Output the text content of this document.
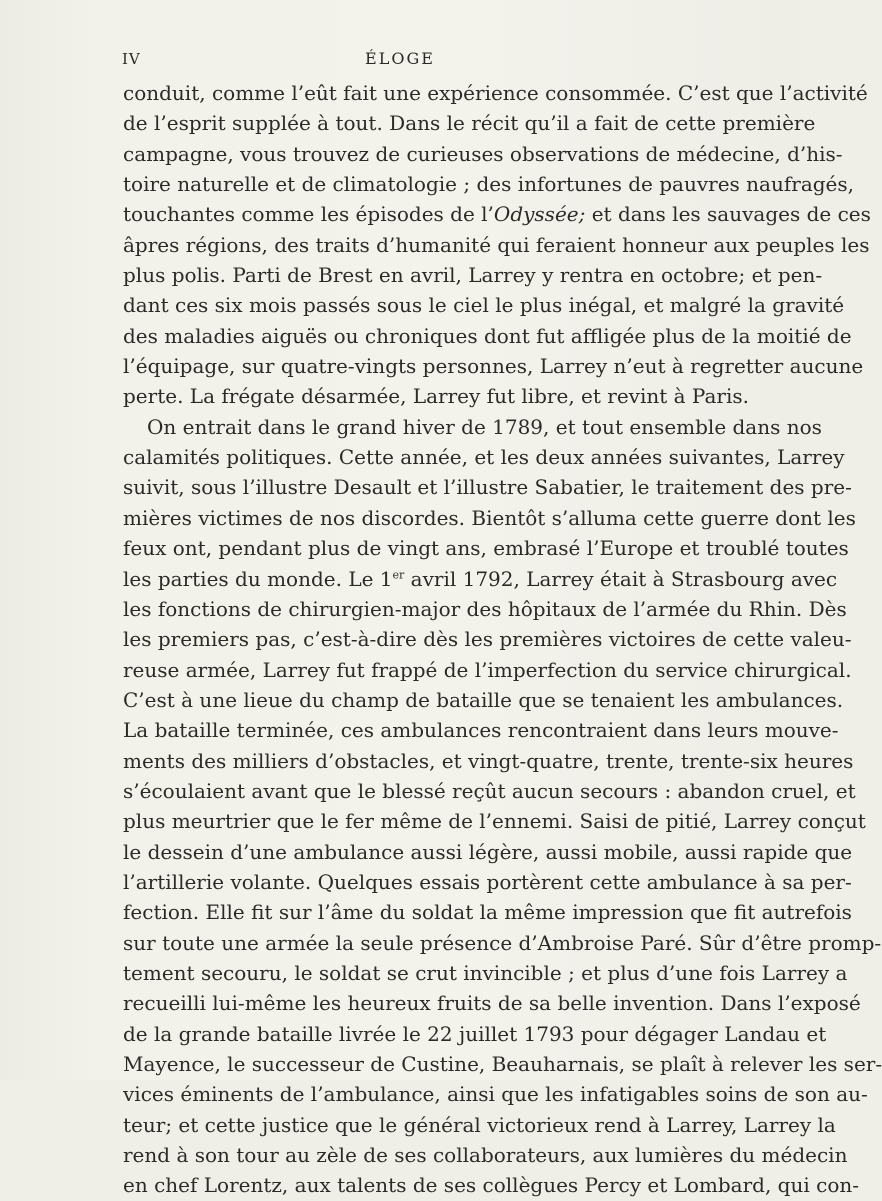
IV	ÉLOGE
conduit, comme l’eût fait une expérience consommée. C’est que l’activité
de l’esprit supplée à tout. Dans le récit qu’il a fait de cette première
campagne, vous trouvez de curieuses observations de médecine, d’his-
toire naturelle et de climatologie ; des infortunes de pauvres naufragés,
touchantes comme les épisodes de l’Odyssée; et dans les sauvages de ces
âpres régions, des traits d’humanité qui feraient honneur aux peuples les
plus polis. Parti de Brest en avril, Larrey y rentra en octobre; et pen-
dant ces six mois passés sous le ciel le plus inégal, et malgré la gravité
des maladies aiguës ou chroniques dont fut affligée plus de la moitié de
l’équipage, sur quatre-vingts personnes, Larrey n’eut à regretter aucune
perte. La frégate désarmée, Larrey fut libre, et revint à Paris.
On entrait dans le grand hiver de 1789, et tout ensemble dans nos
calamités politiques. Cette année, et les deux années suivantes, Larrey
suivit, sous l’illustre Desault et l’illustre Sabatier, le traitement des pre-
mières victimes de nos discordes. Bientôt s’alluma cette guerre dont les
feux ont, pendant plus de vingt ans, embrasé l’Europe et troublé toutes
les parties du monde. Le 1er avril 1792, Larrey était à Strasbourg avec
les fonctions de chirurgien-major des hôpitaux de l’armée du Rhin. Dès
les premiers pas, c’est-à-dire dès les premières victoires de cette valeu-
reuse armée, Larrey fut frappé de l’imperfection du service chirurgical.
C’est à une lieue du champ de bataille que se tenaient les ambulances.
La bataille terminée, ces ambulances rencontraient dans leurs mouve-
ments des milliers d’obstacles, et vingt-quatre, trente, trente-six heures
s’écoulaient avant que le blessé reçût aucun secours : abandon cruel, et
plus meurtrier que le fer même de l’ennemi. Saisi de pitié, Larrey conçut
le dessein d’une ambulance aussi légère, aussi mobile, aussi rapide que
l’artillerie volante. Quelques essais portèrent cette ambulance à sa per-
fection. Elle fit sur l’âme du soldat la même impression que fit autrefois
sur toute une armée la seule présence d’Ambroise Paré. Sûr d’être promp-
tement secouru, le soldat se crut invincible ; et plus d’une fois Larrey a
recueilli lui-même les heureux fruits de sa belle invention. Dans l’exposé
de la grande bataille livrée le 22 juillet 1793 pour dégager Landau et
Mayence, le successeur de Custine, Beauharnais, se plaît à relever les ser-
vices éminents de l’ambulance, ainsi que les infatigables soins de son au-
teur; et cette justice que le général victorieux rend à Larrey, Larrey la
rend à son tour au zèle de ses collaborateurs, aux lumières du médecin
en chef Lorentz, aux talents de ses collègues Percy et Lombard, qui con-
